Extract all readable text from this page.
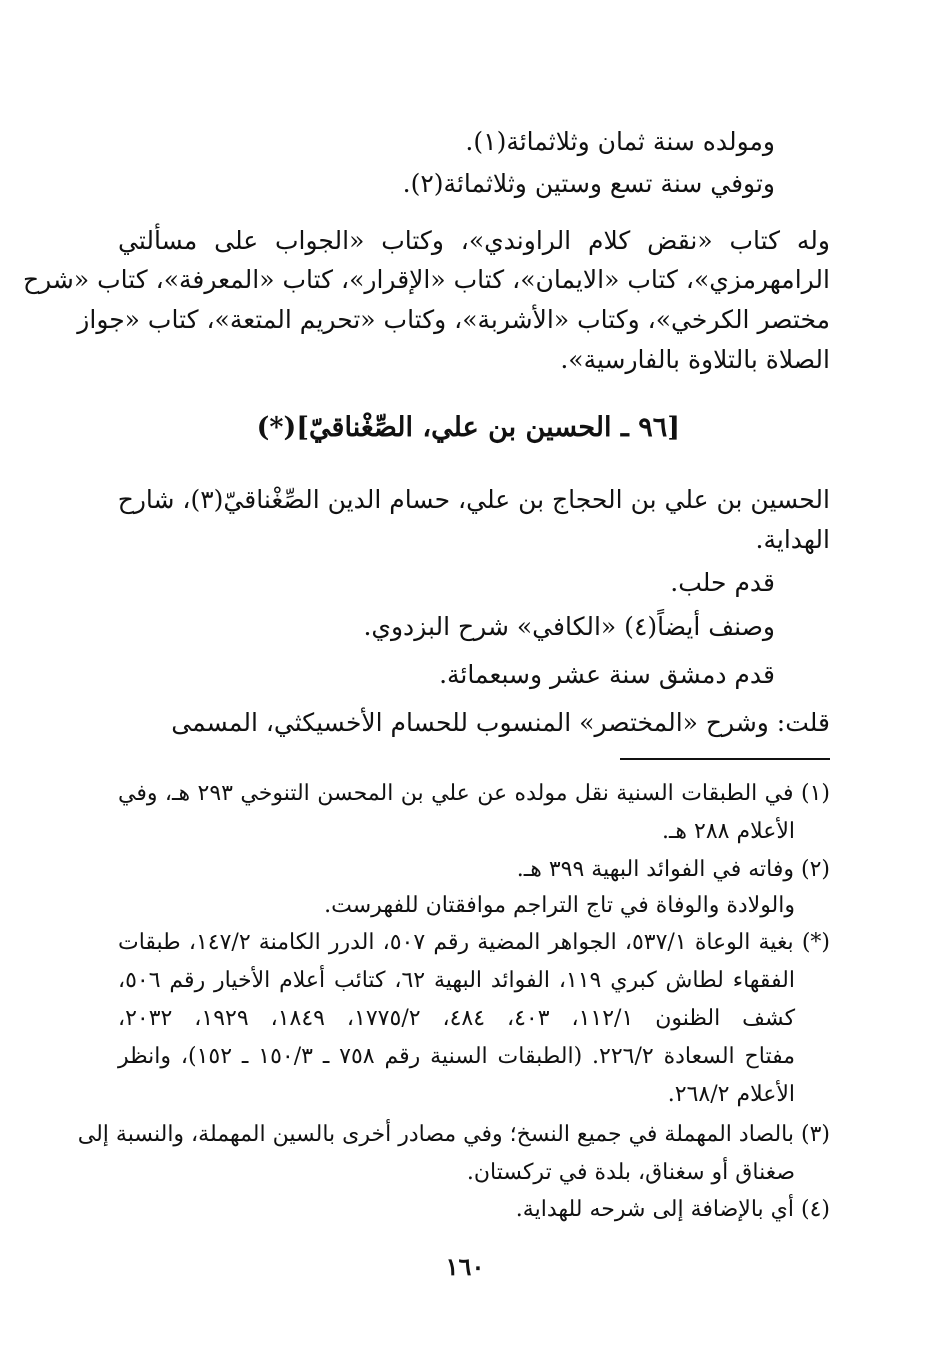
ومولده سنة ثمان وثلاثمائة(١).
وتوفي سنة تسع وستين وثلاثمائة(٢).
وله كتاب «نقض كلام الراوندي»، وكتاب «الجواب على مسألتي
الرامهرمزي»، كتاب «الايمان»، كتاب «الإقرار»، كتاب «المعرفة»، كتاب «شرح
مختصر الكرخي»، وكتاب «الأشربة»، وكتاب «تحريم المتعة»، كتاب «جواز
الصلاة بالتلاوة بالفارسية».
[٩٦ ـ الحسين بن علي، الصِّغْناقيّ](*)
الحسين بن علي بن الحجاج بن علي، حسام الدين الصِّغْناقيّ(٣)، شارح
الهداية.
قدم حلب.
وصنف أيضاً(٤) «الكافي» شرح البزدوي.
قدم دمشق سنة عشر وسبعمائة.
قلت: وشرح «المختصر» المنسوب للحسام الأخسيكثي، المسمى
(١) في الطبقات السنية نقل مولده عن علي بن المحسن التنوخي ٢٩٣ هـ، وفي
الأعلام ٢٨٨ هـ.
(٢) وفاته في الفوائد البهية ٣٩٩ هـ.
والولادة والوفاة في تاج التراجم موافقتان للفهرست.
(*) بغية الوعاة ٥٣٧/١، الجواهر المضية رقم ٥٠٧، الدرر الكامنة ١٤٧/٢، طبقات
الفقهاء لطاش كبري ١١٩، الفوائد البهية ٦٢، كتائب أعلام الأخيار رقم ٥٠٦،
كشف الظنون ١١٢/١، ٤٠٣، ٤٨٤، ١٧٧٥/٢، ١٨٤٩، ١٩٢٩، ٢٠٣٢،
مفتاح السعادة ٢٢٦/٢. (الطبقات السنية رقم ٧٥٨ ـ ١٥٠/٣ ـ ١٥٢)، وانظر
الأعلام ٢٦٨/٢.
(٣) بالصاد المهملة في جميع النسخ؛ وفي مصادر أخرى بالسين المهملة، والنسبة إلى
صغناق أو سغناق، بلدة في تركستان.
(٤) أي بالإضافة إلى شرحه للهداية.
١٦٠
